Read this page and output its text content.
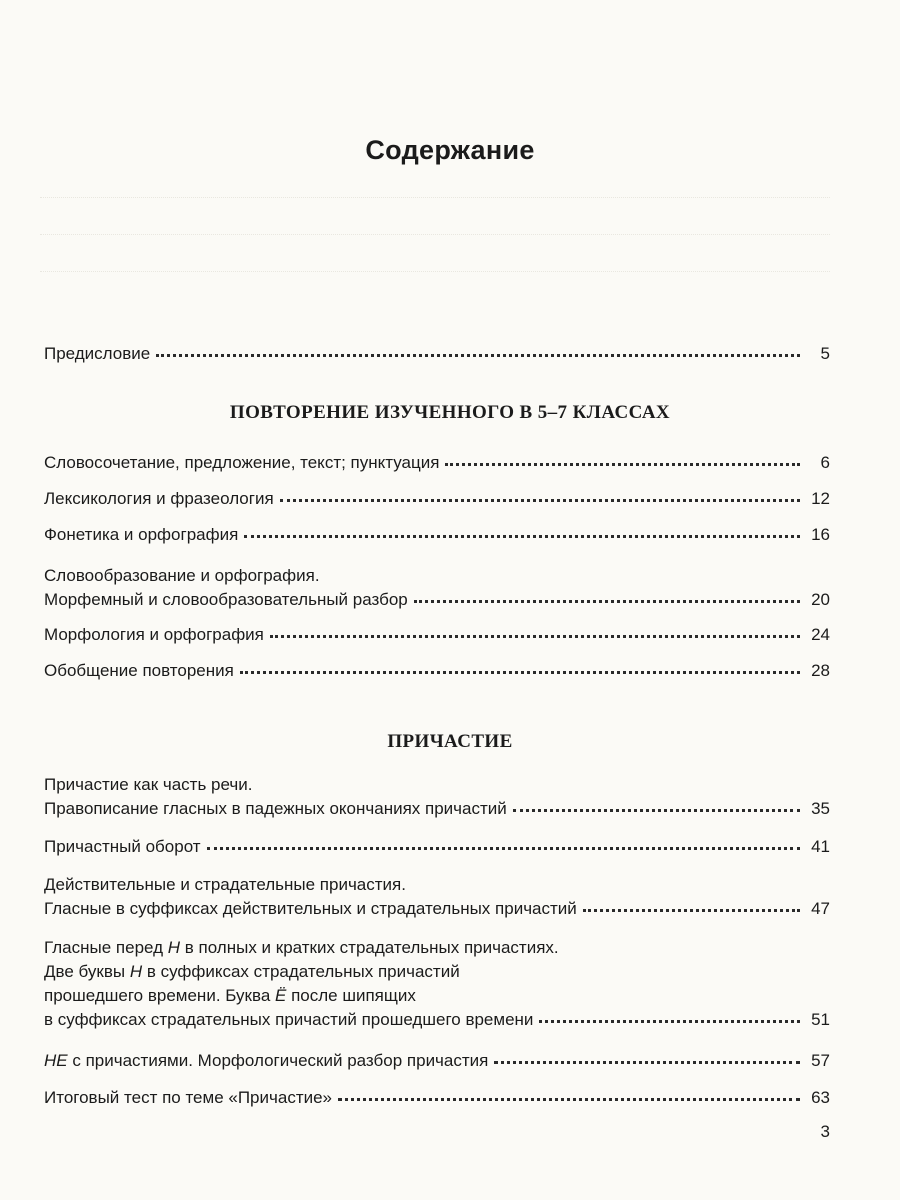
Содержание
Предисловие	5
ПОВТОРЕНИЕ ИЗУЧЕННОГО В 5–7 КЛАССАХ
Словосочетание, предложение, текст; пунктуация	6
Лексикология и фразеология	12
Фонетика и орфография	16
Словообразование и орфография.
Морфемный и словообразовательный разбор	20
Морфология и орфография	24
Обобщение повторения	28
ПРИЧАСТИЕ
Причастие как часть речи.
Правописание гласных в падежных окончаниях причастий	35
Причастный оборот	41
Действительные и страдательные причастия.
Гласные в суффиксах действительных и страдательных причастий	47
Гласные перед Н в полных и кратких страдательных причастиях.
Две буквы Н в суффиксах страдательных причастий
прошедшего времени. Буква Ё после шипящих
в суффиксах страдательных причастий прошедшего времени	51
НЕ с причастиями. Морфологический разбор причастия	57
Итоговый тест по теме «Причастие»	63
3
